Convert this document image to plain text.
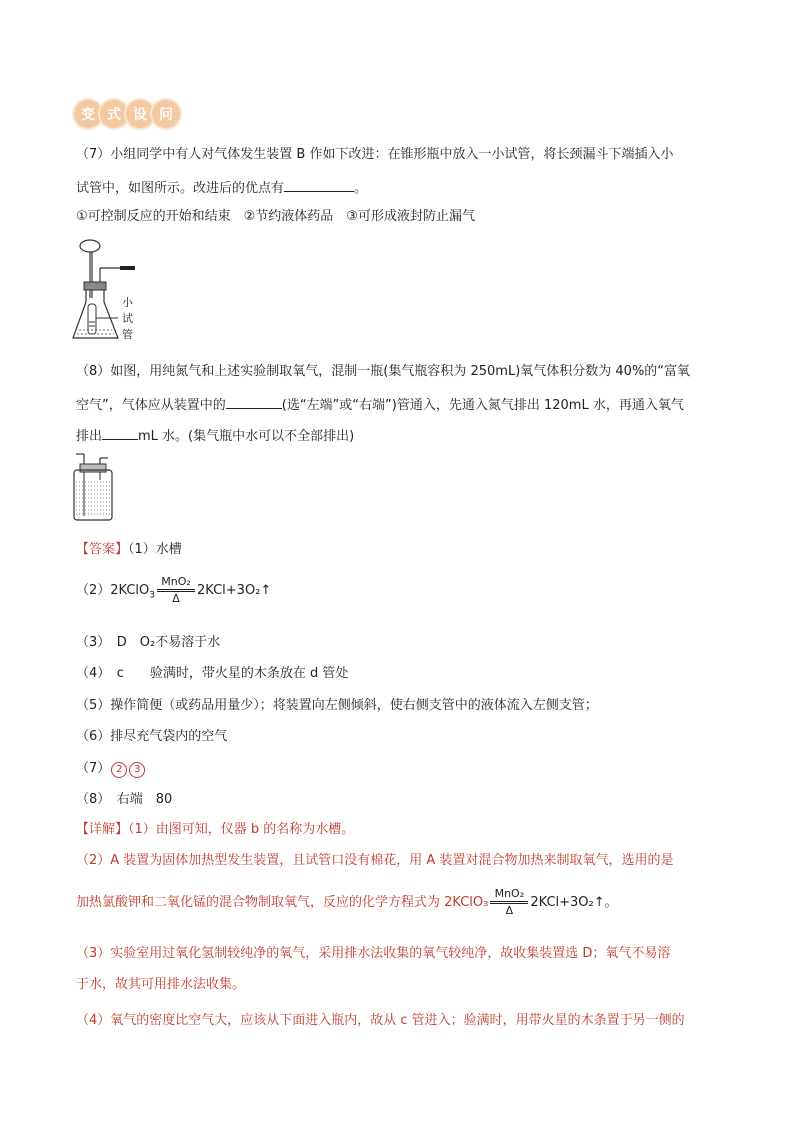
变 式 设 问
（7）小组同学中有人对气体发生装置 B 作如下改进：在锥形瓶中放入一小试管，将长颈漏斗下端插入小
试管中，如图所示。改进后的优点有	。
①可控制反应的开始和结束　②节约液体药品　③可形成液封防止漏气
小
试
管
（8）如图，用纯氮气和上述实验制取氧气，混制一瓶(集气瓶容积为 250mL)氧气体积分数为 40%的“富氧
空气”，气体应从装置中的	(选“左端”或“右端”)管通入，先通入氮气排出 120mL 水，再通入氧气
排出	mL 水。(集气瓶中水可以不全部排出)
【答案】（1）水槽
（2）2KClO$_3$ $\frac{\text{MnO₂}}{\Delta}$ 2KCl+3O₂↑
（3）　D　O₂不易溶于水
（4）　c　　验满时，带火星的木条放在 d 管处
（5）操作简便（或药品用量少）；将装置向左侧倾斜，使右侧支管中的液体流入左侧支管；
（6）排尽充气袋内的空气
（7） 2 3
（8）　右端　80
【详解】（1）由图可知，仪器 b 的名称为水槽。
（2）A 装置为固体加热型发生装置，且试管口没有棉花，用 A 装置对混合物加热来制取氧气，选用的是
加热氯酸钾和二氧化锰的混合物制取氧气，反应的化学方程式为 2KClO₃ $\frac{\text{MnO₂}}{\Delta}$ 2KCl+3O₂↑。
（3）实验室用过氧化氢制较纯净的氧气，采用排水法收集的氧气较纯净，故收集装置选 D；氧气不易溶
于水，故其可用排水法收集。
（4）氧气的密度比空气大，应该从下面进入瓶内，故从 c 管进入；验满时，用带火星的木条置于另一侧的
